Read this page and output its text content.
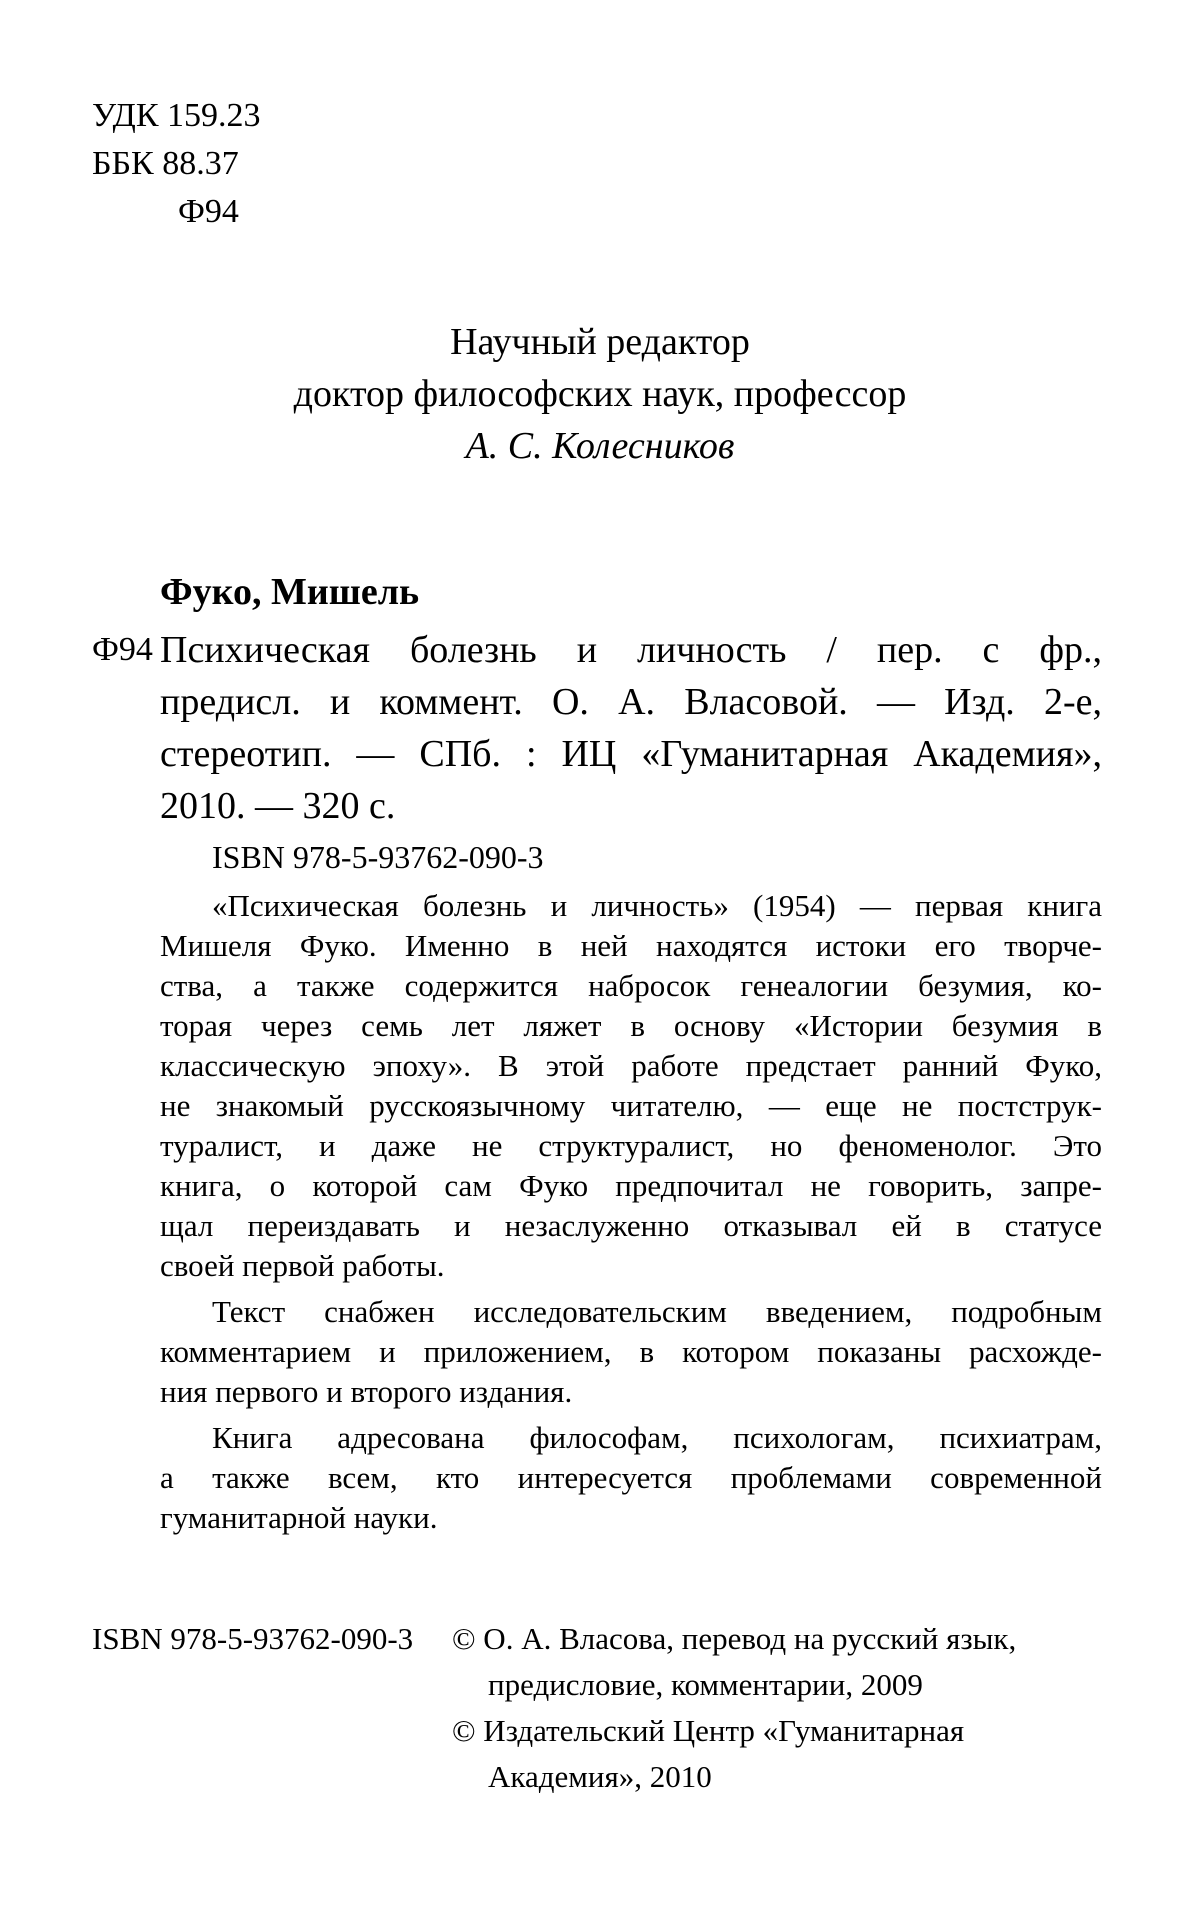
УДК 159.23
ББК 88.37
Ф94
Научный редактор
доктор философских наук, профессор
А. С. Колесников
Фуко, Мишель
Ф94 Психическая болезнь и личность / пер. с фр.,
предисл. и коммент. О. А. Власовой. — Изд. 2-е,
стереотип. — СПб. : ИЦ «Гуманитарная Академия»,
2010. — 320 с.
ISBN 978-5-93762-090-3
«Психическая болезнь и личность» (1954) — первая книга
Мишеля Фуко. Именно в ней находятся истоки его творче-
ства, а также содержится набросок генеалогии безумия, ко-
торая через семь лет ляжет в основу «Истории безумия в
классическую эпоху». В этой работе предстает ранний Фуко,
не знакомый русскоязычному читателю, — еще не постструк-
туралист, и даже не структуралист, но феноменолог. Это
книга, о которой сам Фуко предпочитал не говорить, запре-
щал переиздавать и незаслуженно отказывал ей в статусе
своей первой работы.
Текст снабжен исследовательским введением, подробным
комментарием и приложением, в котором показаны расхожде-
ния первого и второго издания.
Книга адресована философам, психологам, психиатрам,
а также всем, кто интересуется проблемами современной
гуманитарной науки.
ISBN 978-5-93762-090-3 © О. А. Власова, перевод на русский язык,
предисловие, комментарии, 2009
© Издательский Центр «Гуманитарная
Академия», 2010
